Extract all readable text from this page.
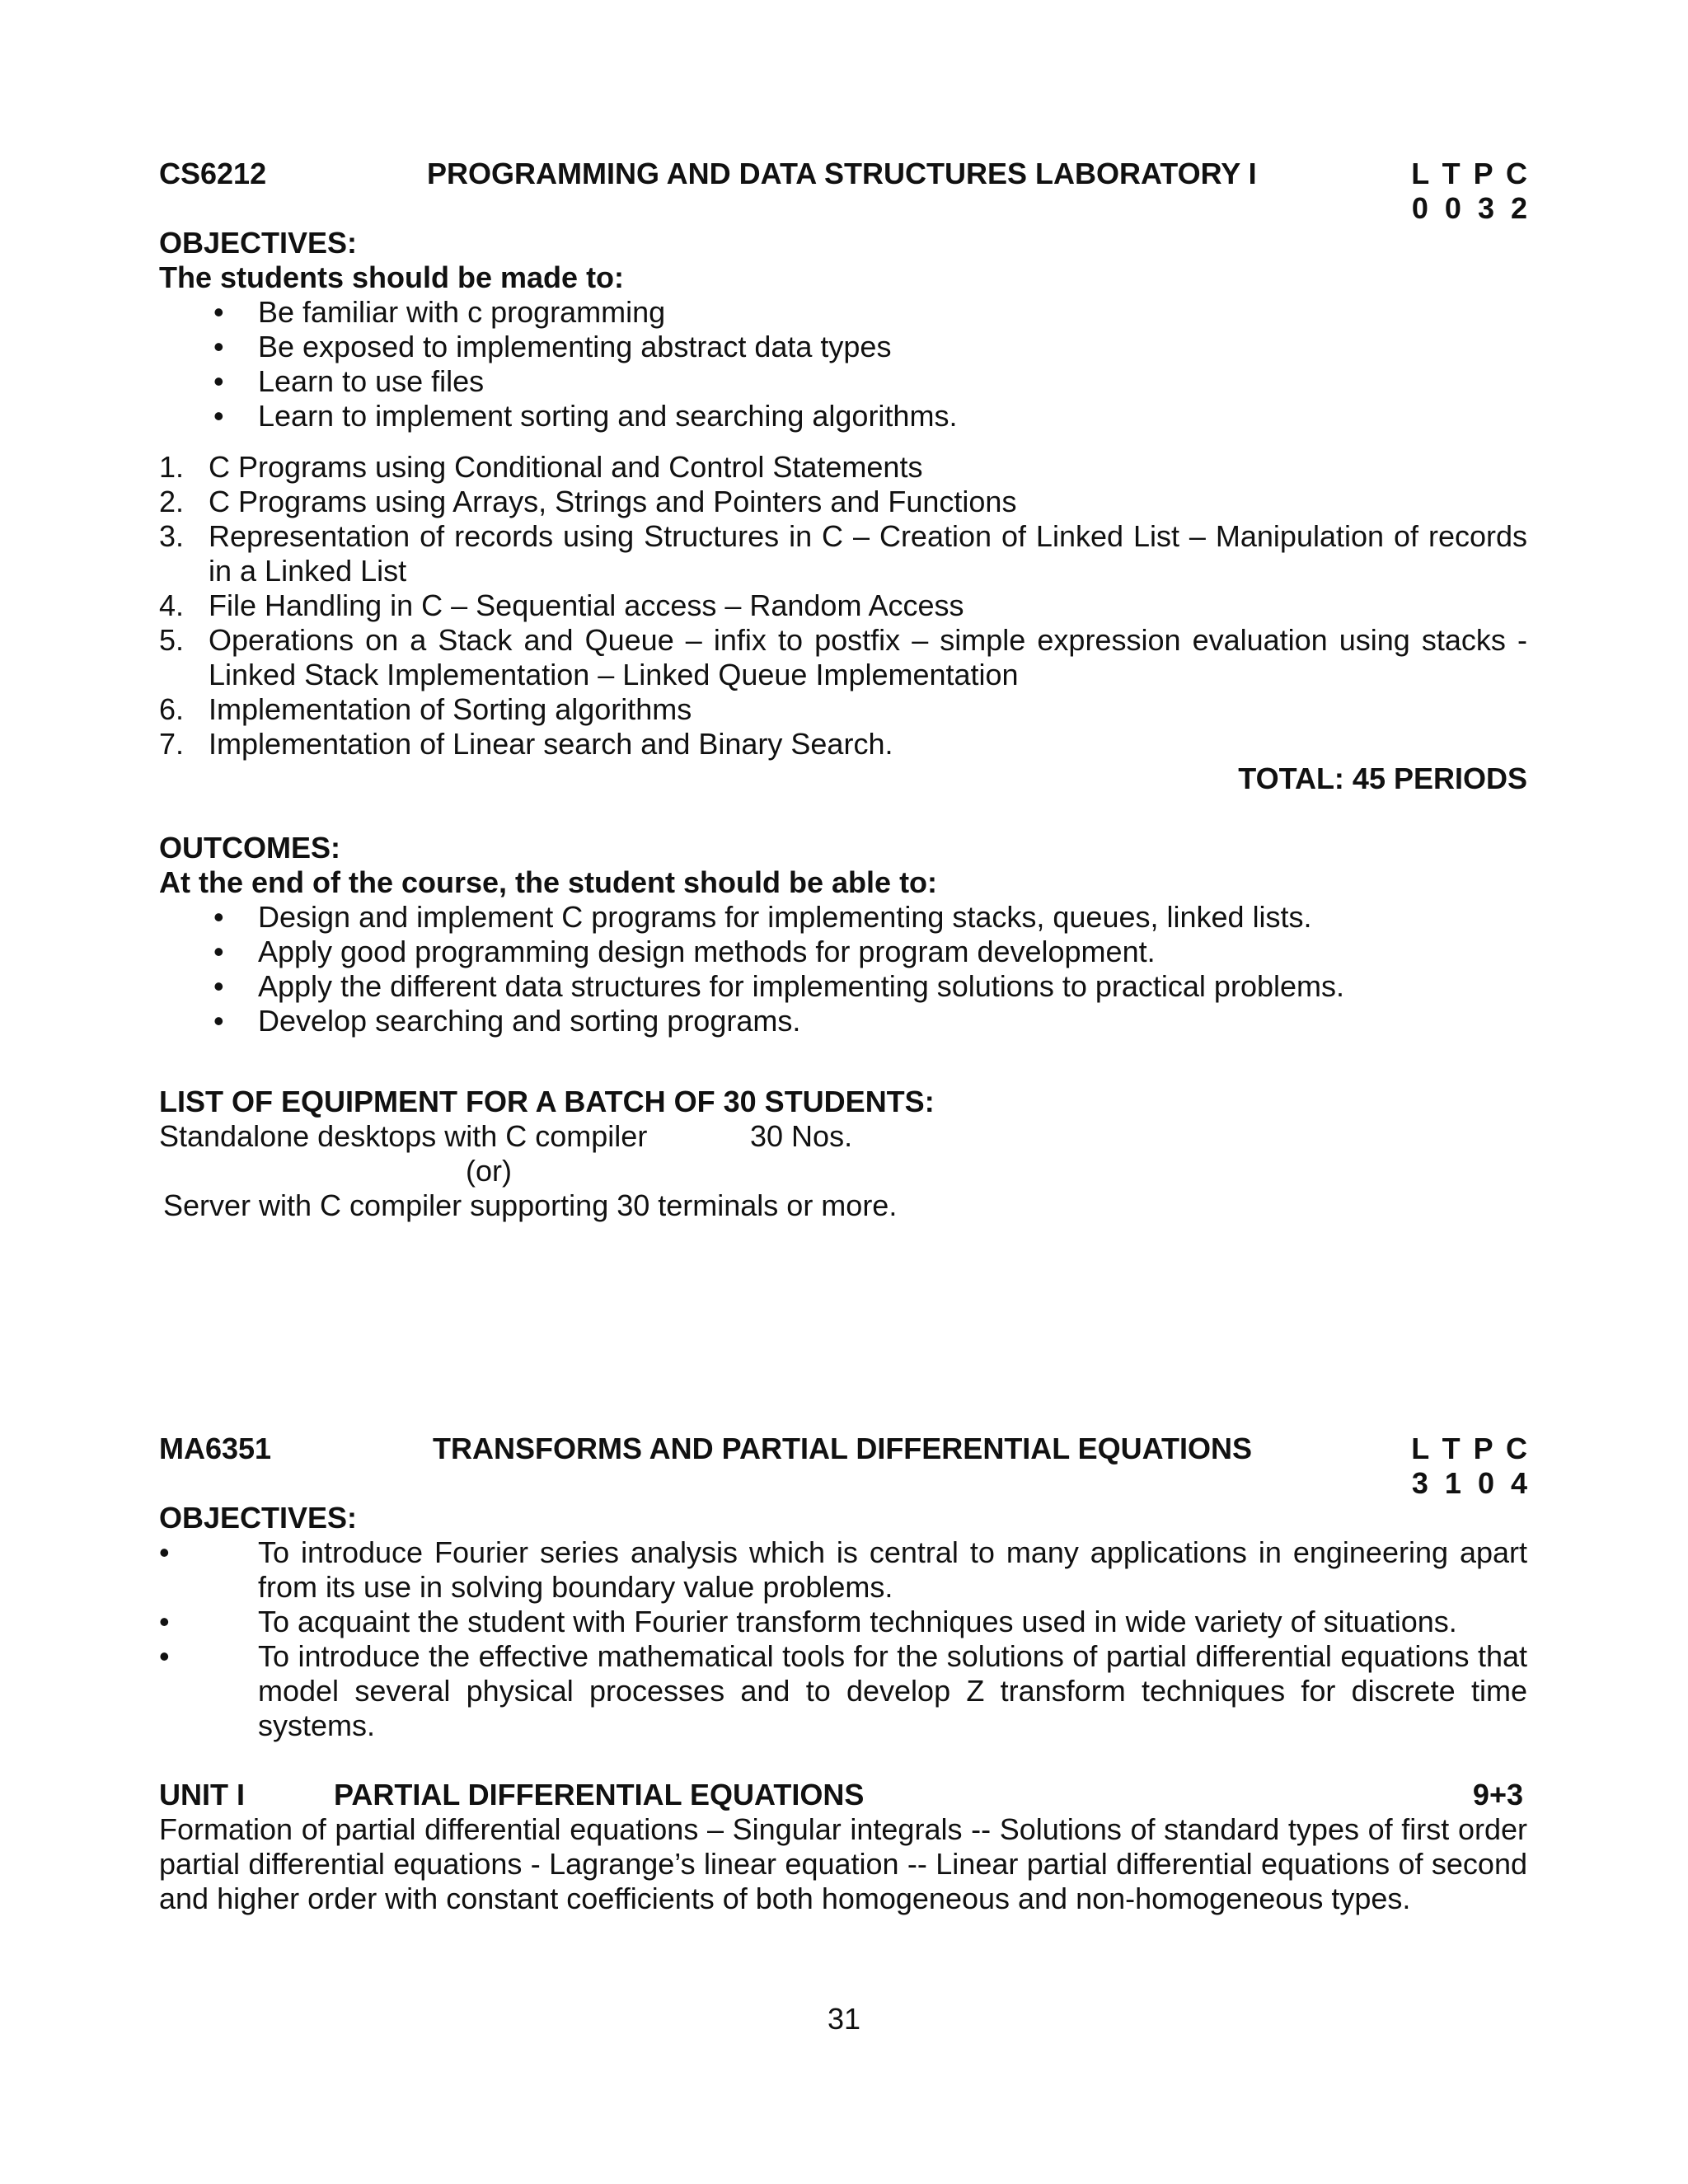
CS6212	PROGRAMMING AND DATA STRUCTURES LABORATORY I	L T P C
0 0 3 2
OBJECTIVES:
The students should be made to:
• Be familiar with c programming
• Be exposed to implementing abstract data types
• Learn to use files
• Learn to implement sorting and searching algorithms.
1. C Programs using Conditional and Control Statements
2. C Programs using Arrays, Strings and Pointers and Functions
3. Representation of records using Structures in C – Creation of Linked List – Manipulation of records in a Linked List
4. File Handling in C – Sequential access – Random Access
5. Operations on a Stack and Queue – infix to postfix – simple expression evaluation using stacks - Linked Stack Implementation – Linked Queue Implementation
6. Implementation of Sorting algorithms
7. Implementation of Linear search and Binary Search.
TOTAL: 45 PERIODS
OUTCOMES:
At the end of the course, the student should be able to:
• Design and implement C programs for implementing stacks, queues, linked lists.
• Apply good programming design methods for program development.
• Apply the different data structures for implementing solutions to practical problems.
• Develop searching and sorting programs.
LIST OF EQUIPMENT FOR A BATCH OF 30 STUDENTS:
Standalone desktops with C compiler	30 Nos.
(or)
Server with C compiler supporting 30 terminals or more.
MA6351	TRANSFORMS AND PARTIAL DIFFERENTIAL EQUATIONS	L T P C
3 1 0 4
OBJECTIVES:
•	To introduce Fourier series analysis which is central to many applications in engineering apart from its use in solving boundary value problems.
•	To acquaint the student with Fourier transform techniques used in wide variety of situations.
•	To introduce the effective mathematical tools for the solutions of partial differential equations that model several physical processes and to develop Z transform techniques for discrete time systems.
UNIT I	PARTIAL DIFFERENTIAL EQUATIONS	9+3
Formation of partial differential equations – Singular integrals -- Solutions of standard types of first order partial differential equations - Lagrange’s linear equation -- Linear partial differential equations of second and higher order with constant coefficients of both homogeneous and non-homogeneous types.
31
